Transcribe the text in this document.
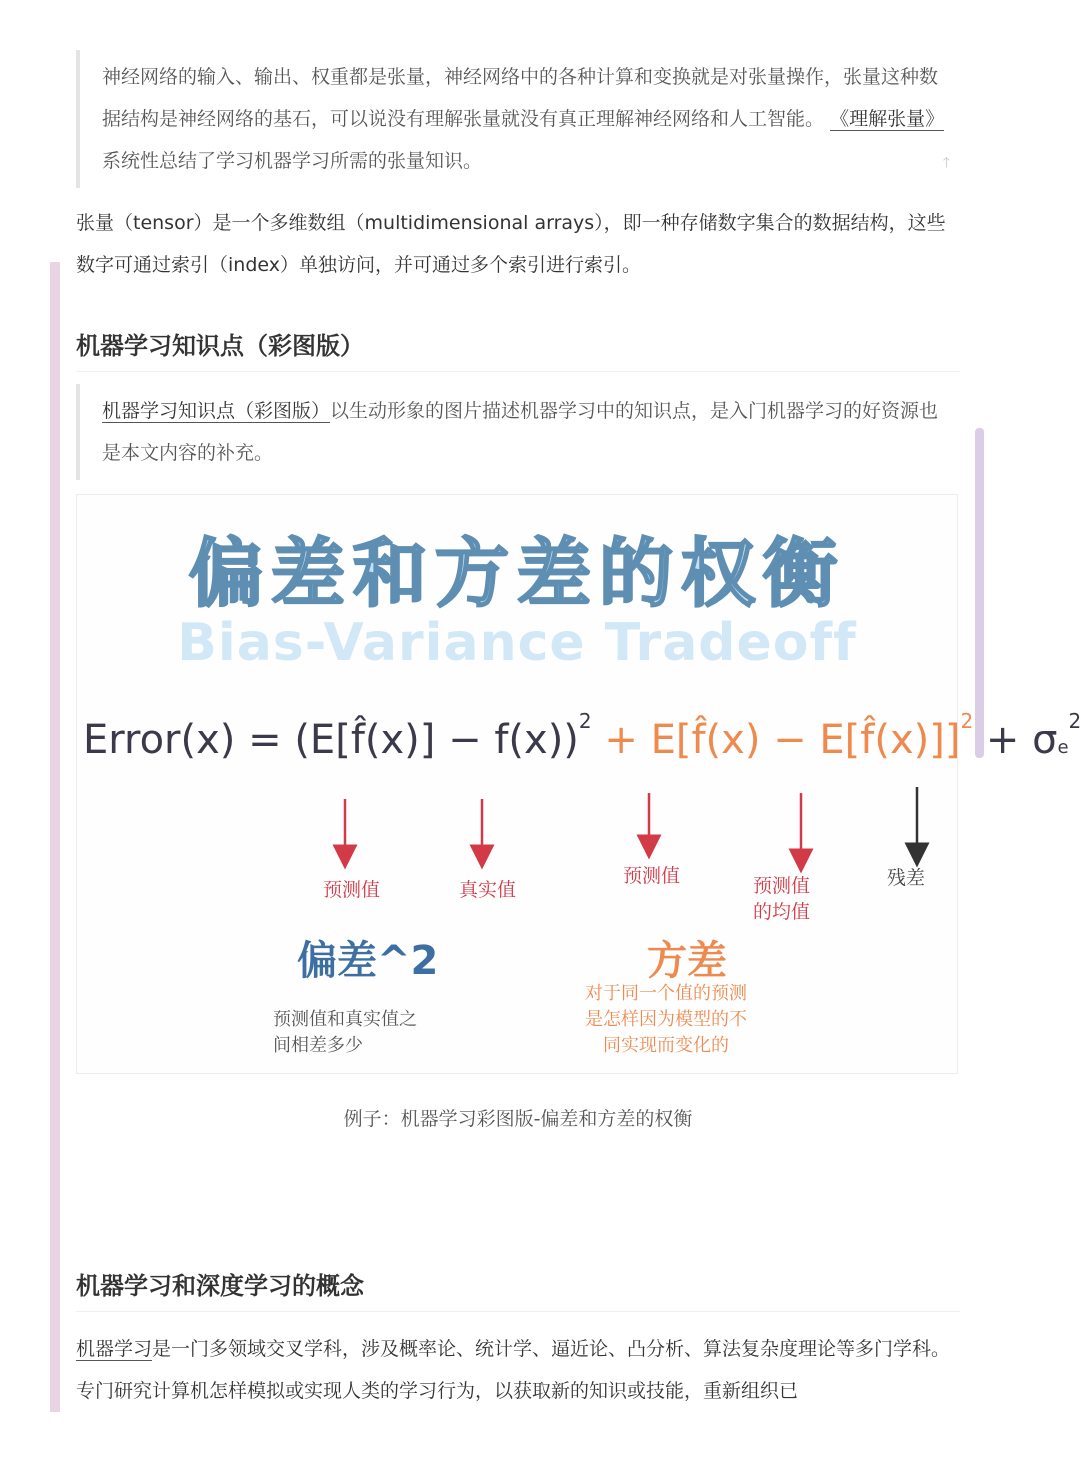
神经网络的输入、输出、权重都是张量，神经网络中的各种计算和变换就是对张量操作，张量这种数据结构是神经网络的基石，可以说没有理解张量就没有真正理解神经网络和人工智能。 《理解张量》系统性总结了学习机器学习所需的张量知识。	🡑

张量（tensor）是一个多维数组（multidimensional arrays），即一种存储数字集合的数据结构，这些数字可通过索引（index）单独访问，并可通过多个索引进行索引。

机器学习知识点（彩图版）
机器学习知识点（彩图版）以生动形象的图片描述机器学习中的知识点，是入门机器学习的好资源也是本文内容的补充。
偏差和方差的权衡
Bias-Variance Tradeoff
Error(x) = (E[f̂(x)] − f(x))$^2$ + E[f̂(x) − E[f̂(x)]]$^2$ + $\sigma e^2$
预测值	真实值
预测值	预测值
的均值
残差
偏差^2
预测值和真实值之
间相差多少
方差
对于同一个值的预测
是怎样因为模型的不
同实现而变化的
例子：机器学习彩图版-偏差和方差的权衡
机器学习和深度学习的概念

机器学习是一门多领域交叉学科，涉及概率论、统计学、逼近论、凸分析、算法复杂度理论等多门学科。专门研究计算机怎样模拟或实现人类的学习行为，以获取新的知识或技能，重新组织已
